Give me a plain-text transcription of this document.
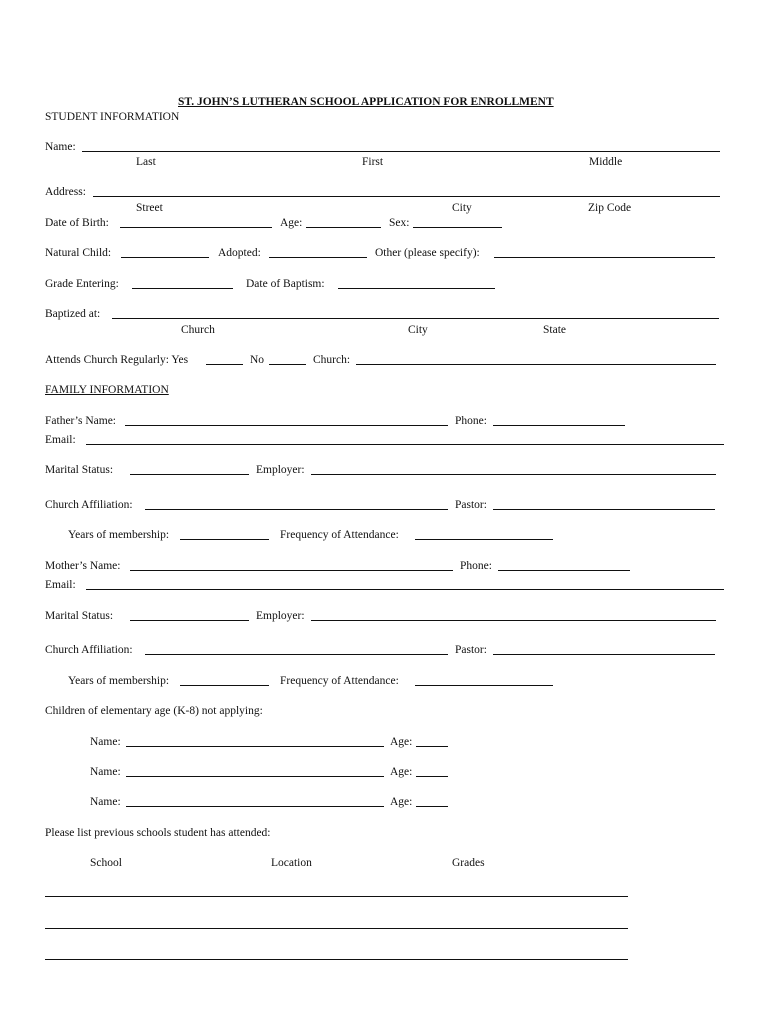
ST. JOHN’S LUTHERAN SCHOOL APPLICATION FOR ENROLLMENT
STUDENT INFORMATION
Name:
Last	First	Middle
Address:
Street	City	Zip Code
Date of Birth:	Age:	Sex:
Natural Child:	Adopted:	Other (please specify):
Grade Entering:	Date of Baptism:
Baptized at:
Church	City	State
Attends Church Regularly: Yes	No	Church:
FAMILY INFORMATION
Father’s Name:	Phone:
Email:
Marital Status:	Employer:
Church Affiliation:	Pastor:
Years of membership:	Frequency of Attendance:
Mother’s Name:	Phone:
Email:
Marital Status:	Employer:
Church Affiliation:	Pastor:
Years of membership:	Frequency of Attendance:
Children of elementary age (K-8) not applying:
Name:	Age:
Name:	Age:
Name:	Age:
Please list previous schools student has attended:
School	Location	Grades
